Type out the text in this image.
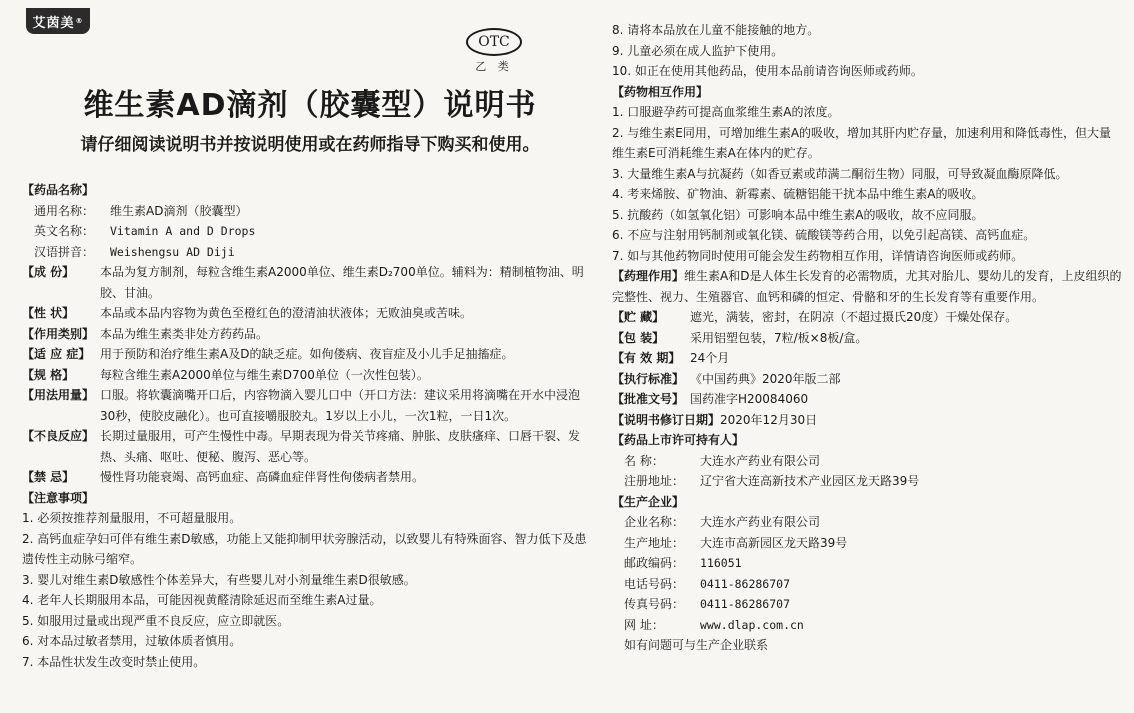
艾茵美 ®
OTC
乙 类
维生素AD滴剂（胶囊型）说明书

请仔细阅读说明书并按说明使用或在药师指导下购买和使用。

【药品名称】
通用名称：	维生素AD滴剂（胶囊型）
英文名称：	Vitamin A and D Drops
汉语拼音：	Weishengsu AD Diji
【成 份】	本品为复方制剂，每粒含维生素A2000单位、维生素D₂700单位。辅料为：精制植物油、明胶、甘油。
【性 状】	本品或本品内容物为黄色至橙红色的澄清油状液体；无败油臭或苦味。
【作用类别】 本品为维生素类非处方药药品。
【适 应 症】 用于预防和治疗维生素A及D的缺乏症。如佝偻病、夜盲症及小儿手足抽搐症。
【规 格】	每粒含维生素A2000单位与维生素D700单位（一次性包装）。
【用法用量】 口服。将软囊滴嘴开口后，内容物滴入婴儿口中（开口方法：建议采用将滴嘴在开水中浸泡30秒，使胶皮融化）。也可直接嚼服胶丸。1岁以上小儿，一次1粒，一日1次。
【不良反应】 长期过量服用，可产生慢性中毒。早期表现为骨关节疼痛、肿胀、皮肤瘙痒、口唇干裂、发热、头痛、呕吐、便秘、腹泻、恶心等。
【禁 忌】	慢性肾功能衰竭、高钙血症、高磷血症伴肾性佝偻病者禁用。
【注意事项】
1. 必须按推荐剂量服用，不可超量服用。
2. 高钙血症孕妇可伴有维生素D敏感，功能上又能抑制甲状旁腺活动，以致婴儿有特殊面容、智力低下及患遗传性主动脉弓缩窄。
3. 婴儿对维生素D敏感性个体差异大，有些婴儿对小剂量维生素D很敏感。
4. 老年人长期服用本品，可能因视黄醛清除延迟而至维生素A过量。
5. 如服用过量或出现严重不良反应，应立即就医。
6. 对本品过敏者禁用，过敏体质者慎用。
7. 本品性状发生改变时禁止使用。
8. 请将本品放在儿童不能接触的地方。
9. 儿童必须在成人监护下使用。
10. 如正在使用其他药品，使用本品前请咨询医师或药师。
【药物相互作用】
1. 口服避孕药可提高血浆维生素A的浓度。
2. 与维生素E同用，可增加维生素A的吸收，增加其肝内贮存量，加速利用和降低毒性，但大量维生素E可消耗维生素A在体内的贮存。
3. 大量维生素A与抗凝药（如香豆素或茚满二酮衍生物）同服，可导致凝血酶原降低。
4. 考来烯胺、矿物油、新霉素、硫糖铝能干扰本品中维生素A的吸收。
5. 抗酸药（如氢氧化铝）可影响本品中维生素A的吸收，故不应同服。
6. 不应与注射用钙制剂或氧化镁、硫酸镁等药合用，以免引起高镁、高钙血症。
7. 如与其他药物同时使用可能会发生药物相互作用，详情请咨询医师或药师。
【药理作用】维生素A和D是人体生长发育的必需物质，尤其对胎儿、婴幼儿的发育，上皮组织的完整性、视力、生殖器官、血钙和磷的恒定、骨骼和牙的生长发育等有重要作用。
【贮 藏】	遮光，满装，密封，在阴凉（不超过摄氏20度）干燥处保存。
【包 装】	采用铝塑包装，7粒/板×8板/盒。
【有 效 期】 24个月
【执行标准】 《中国药典》2020年版二部
【批准文号】 国药准字H20084060
【说明书修订日期】 2020年12月30日
【药品上市许可持有人】
名 称：	大连水产药业有限公司
注册地址：	辽宁省大连高新技术产业园区龙天路39号
【生产企业】
企业名称：	大连水产药业有限公司
生产地址：	大连市高新园区龙天路39号
邮政编码：	116051
电话号码：	0411-86286707
传真号码：	0411-86286707
网 址：	www.dlap.com.cn
如有问题可与生产企业联系
